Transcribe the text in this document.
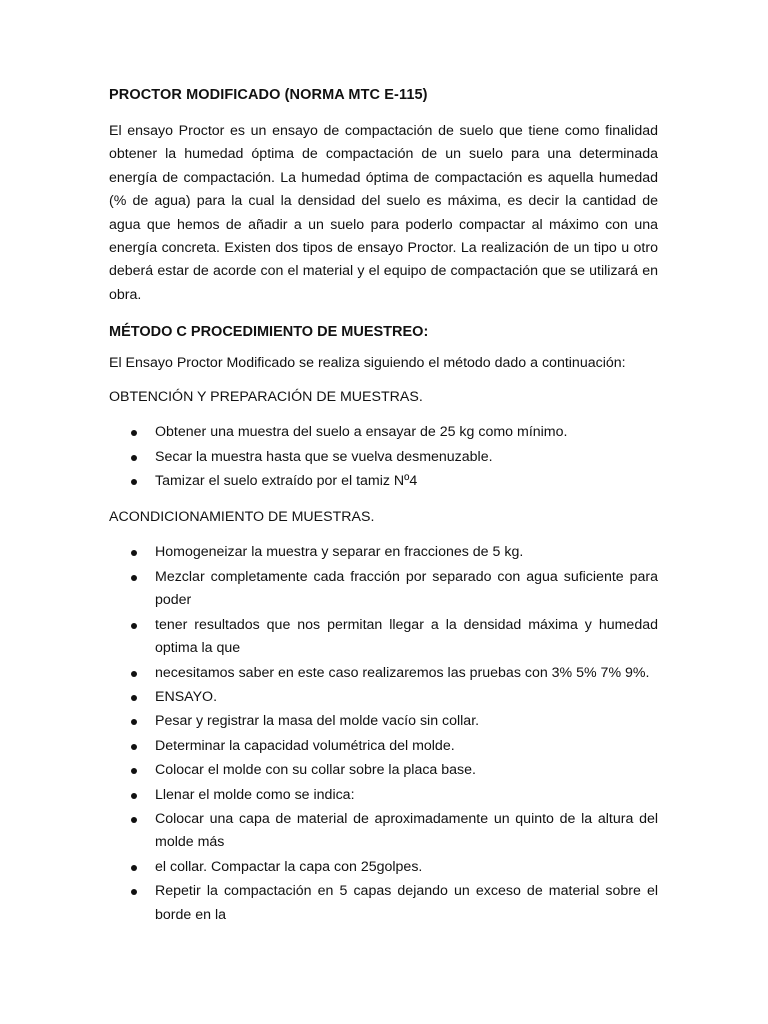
PROCTOR MODIFICADO (NORMA MTC E-115)

El ensayo Proctor es un ensayo de compactación de suelo que tiene como finalidad obtener la humedad óptima de compactación de un suelo para una determinada energía de compactación. La humedad óptima de compactación es aquella humedad (% de agua) para la cual la densidad del suelo es máxima, es decir la cantidad de agua que hemos de añadir a un suelo para poderlo compactar al máximo con una energía concreta. Existen dos tipos de ensayo Proctor. La realización de un tipo u otro deberá estar de acorde con el material y el equipo de compactación que se utilizará en obra.

MÉTODO C PROCEDIMIENTO DE MUESTREO:

El Ensayo Proctor Modificado se realiza siguiendo el método dado a continuación:

OBTENCIÓN Y PREPARACIÓN DE MUESTRAS.

Obtener una muestra del suelo a ensayar de 25 kg como mínimo.
Secar la muestra hasta que se vuelva desmenuzable.
Tamizar el suelo extraído por el tamiz Nº4

ACONDICIONAMIENTO DE MUESTRAS.

Homogeneizar la muestra y separar en fracciones de 5 kg.
Mezclar completamente cada fracción por separado con agua suficiente para poder
tener resultados que nos permitan llegar a la densidad máxima y humedad optima la que
necesitamos saber en este caso realizaremos las pruebas con 3% 5% 7% 9%.
ENSAYO.
Pesar y registrar la masa del molde vacío sin collar.
Determinar la capacidad volumétrica del molde.
Colocar el molde con su collar sobre la placa base.
Llenar el molde como se indica:
Colocar una capa de material de aproximadamente un quinto de la altura del molde más
el collar. Compactar la capa con 25golpes.
Repetir la compactación en 5 capas dejando un exceso de material sobre el borde en la
